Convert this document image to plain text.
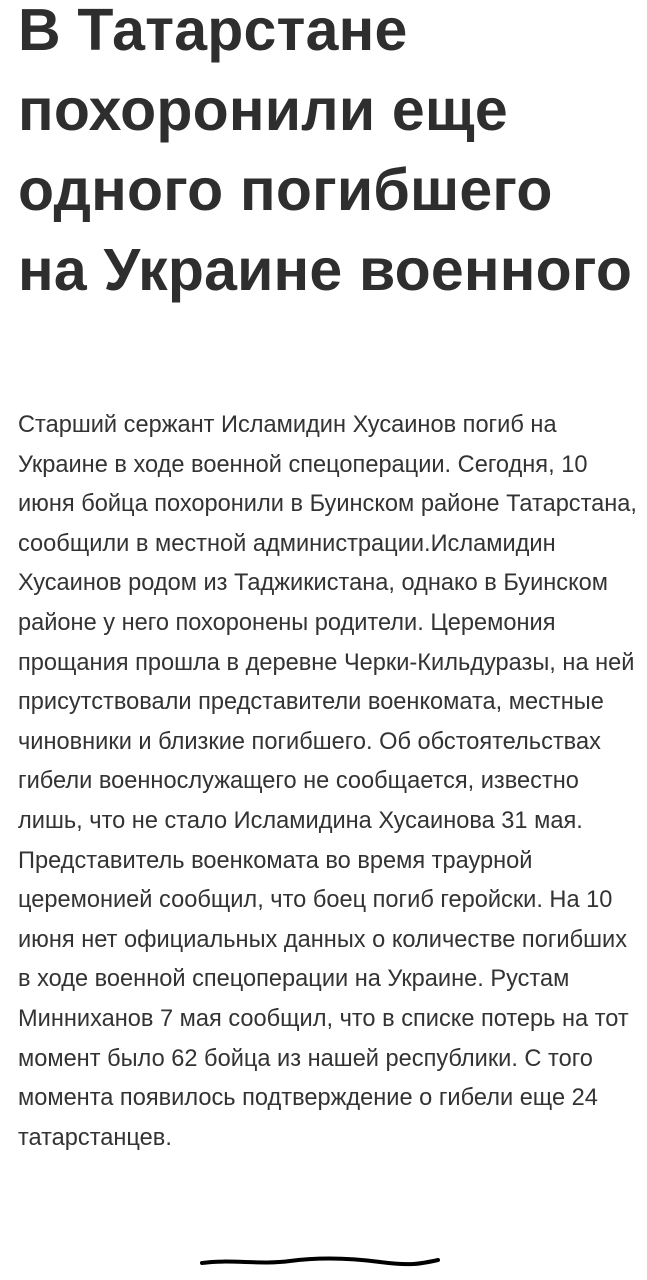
В Татарстане похоронили еще одного погибшего на Украине военного

Старший сержант Исламидин Хусаинов погиб на Украине в ходе военной спецоперации. Сегодня, 10 июня бойца похоронили в Буинском районе Татарстана, сообщили в местной администрации.Исламидин Хусаинов родом из Таджикистана, однако в Буинском районе у него похоронены родители. Церемония прощания прошла в деревне Черки-Кильдуразы, на ней присутствовали представители военкомата, местные чиновники и близкие погибшего. Об обстоятельствах гибели военнослужащего не сообщается, известно лишь, что не стало Исламидина Хусаинова 31 мая. Представитель военкомата во время траурной церемонией сообщил, что боец погиб геройски. На 10 июня нет официальных данных о количестве погибших в ходе военной спецоперации на Украине. Рустам Минниханов 7 мая сообщил, что в списке потерь на тот момент было 62 бойца из нашей республики. С того момента появилось подтверждение о гибели еще 24 татарстанцев.
